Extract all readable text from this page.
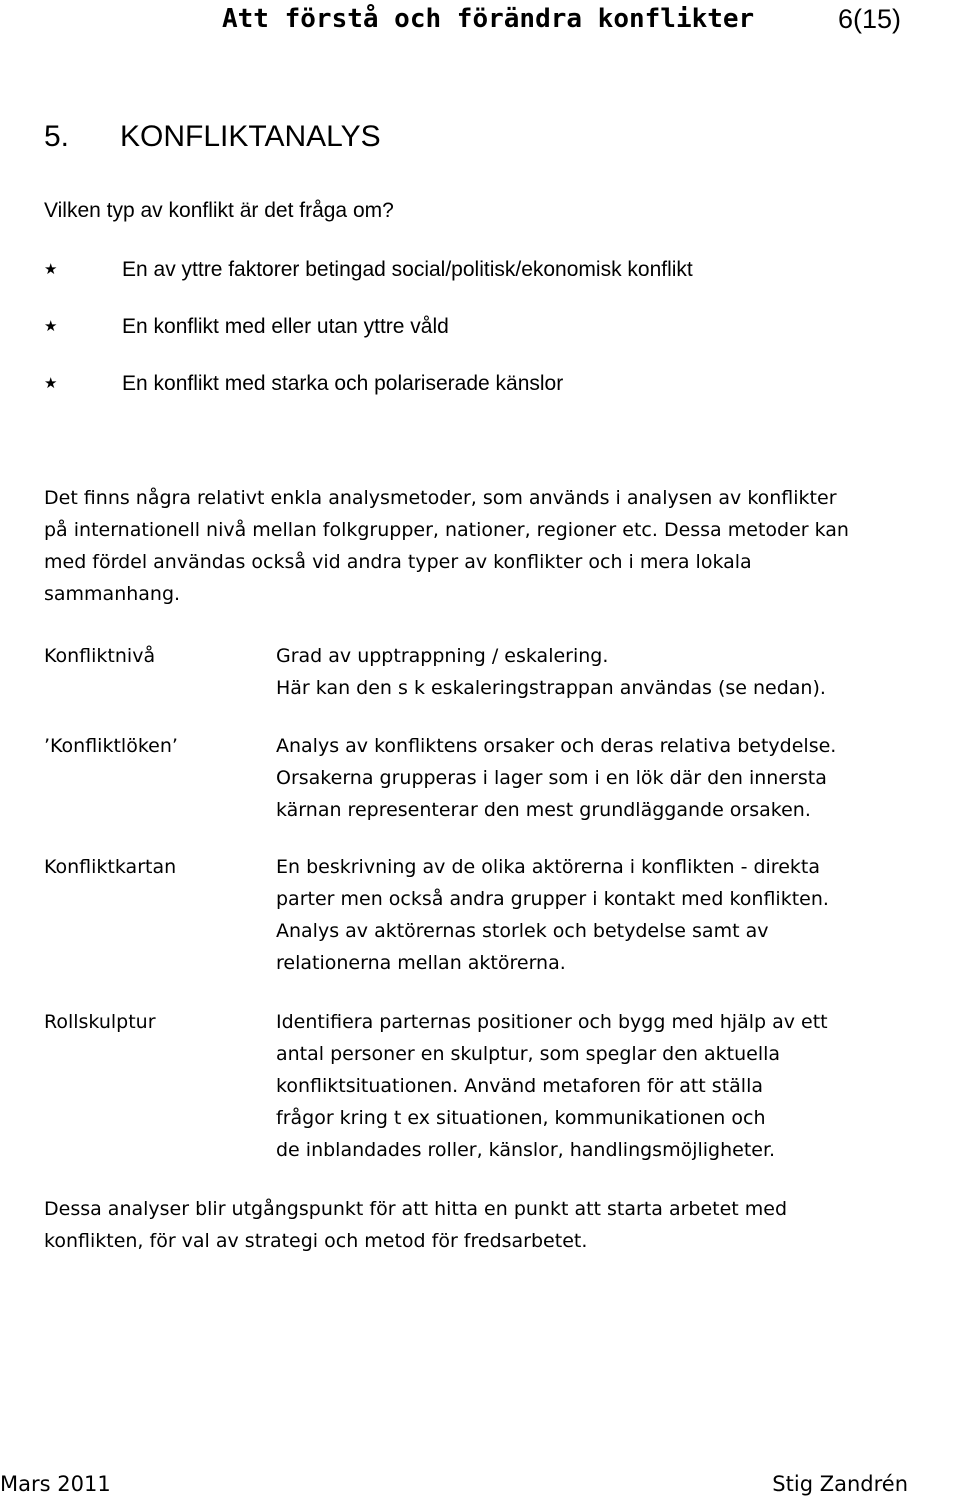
Att förstå och förändra konflikter	6(15)
5. KONFLIKTANALYS
Vilken typ av konflikt är det fråga om?
★	En av yttre faktorer betingad social/politisk/ekonomisk konflikt
★	En konflikt med eller utan yttre våld
★	En konflikt med starka och polariserade känslor
Det finns några relativt enkla analysmetoder, som används i analysen av konflikter
på internationell nivå mellan folkgrupper, nationer, regioner etc. Dessa metoder kan
med fördel användas också vid andra typer av konflikter och i mera lokala
sammanhang.
Konfliktnivå	Grad av upptrappning / eskalering.
Här kan den s k eskaleringstrappan användas (se nedan).
’Konfliktlöken’	Analys av konfliktens orsaker och deras relativa betydelse.
Orsakerna grupperas i lager som i en lök där den innersta
kärnan representerar den mest grundläggande orsaken.
Konfliktkartan	En beskrivning av de olika aktörerna i konflikten - direkta
parter men också andra grupper i kontakt med konflikten.
Analys av aktörernas storlek och betydelse samt av
relationerna mellan aktörerna.
Rollskulptur	Identifiera parternas positioner och bygg med hjälp av ett
antal personer en skulptur, som speglar den aktuella
konfliktsituationen. Använd metaforen för att ställa
frågor kring t ex situationen, kommunikationen och
de inblandades roller, känslor, handlingsmöjligheter.
Dessa analyser blir utgångspunkt för att hitta en punkt att starta arbetet med
konflikten, för val av strategi och metod för fredsarbetet.
Mars 2011	Stig Zandrén
